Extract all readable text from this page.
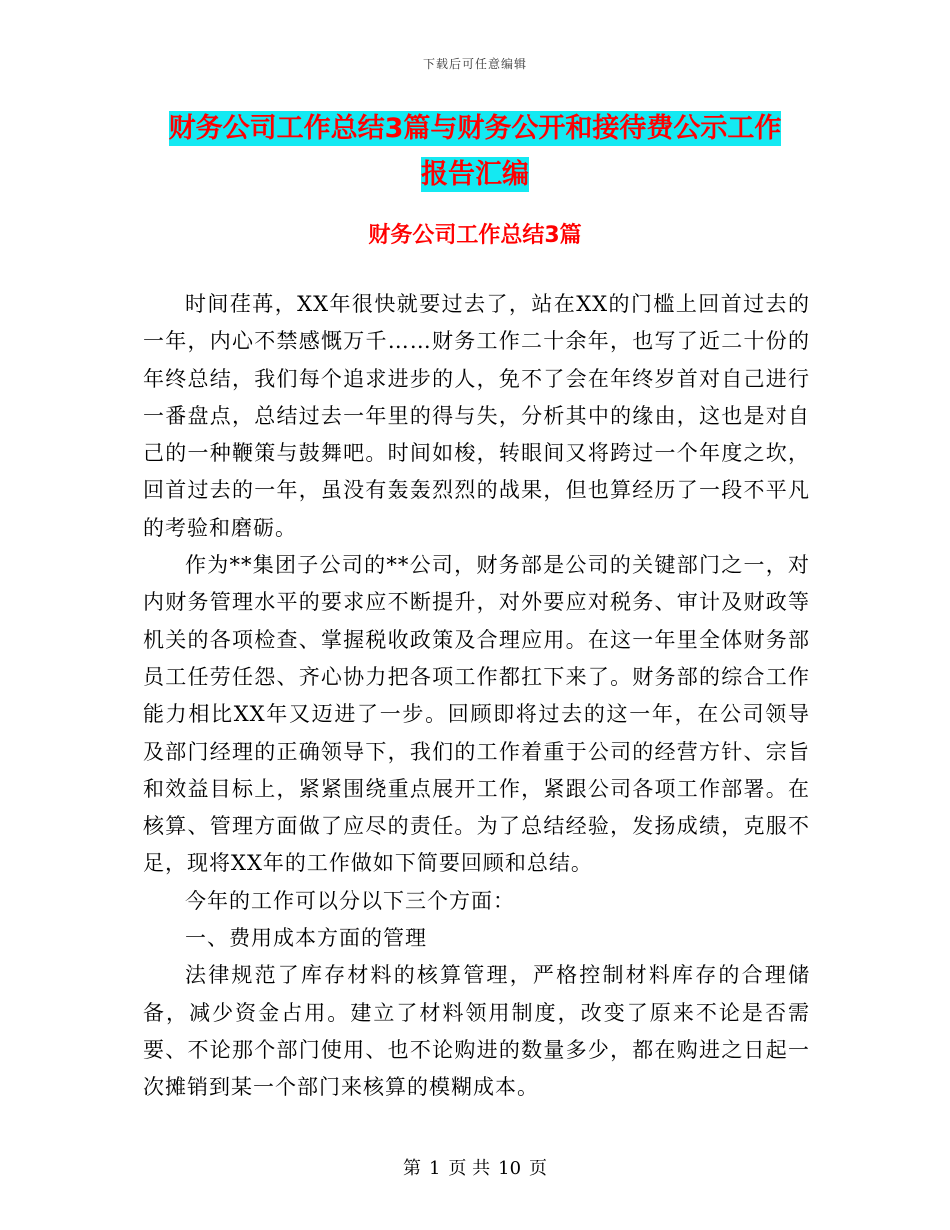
下载后可任意编辑
财务公司工作总结3篇与财务公开和接待费公示工作
报告汇编
财务公司工作总结3篇

时间荏苒，XX年很快就要过去了，站在XX的门槛上回首过去的一年，内心不禁感慨万千……财务工作二十余年，也写了近二十份的年终总结，我们每个追求进步的人，免不了会在年终岁首对自己进行一番盘点，总结过去一年里的得与失，分析其中的缘由，这也是对自己的一种鞭策与鼓舞吧。时间如梭，转眼间又将跨过一个年度之坎，回首过去的一年，虽没有轰轰烈烈的战果，但也算经历了一段不平凡的考验和磨砺。

作为**集团子公司的**公司，财务部是公司的关键部门之一，对内财务管理水平的要求应不断提升，对外要应对税务、审计及财政等机关的各项检查、掌握税收政策及合理应用。在这一年里全体财务部员工任劳任怨、齐心协力把各项工作都扛下来了。财务部的综合工作能力相比XX年又迈进了一步。回顾即将过去的这一年，在公司领导及部门经理的正确领导下，我们的工作着重于公司的经营方针、宗旨和效益目标上，紧紧围绕重点展开工作，紧跟公司各项工作部署。在核算、管理方面做了应尽的责任。为了总结经验，发扬成绩，克服不足，现将XX年的工作做如下简要回顾和总结。

今年的工作可以分以下三个方面：

一、费用成本方面的管理

法律规范了库存材料的核算管理，严格控制材料库存的合理储备，减少资金占用。建立了材料领用制度，改变了原来不论是否需要、不论那个部门使用、也不论购进的数量多少，都在购进之日起一次摊销到某一个部门来核算的模糊成本。

第 1 页 共 10 页
